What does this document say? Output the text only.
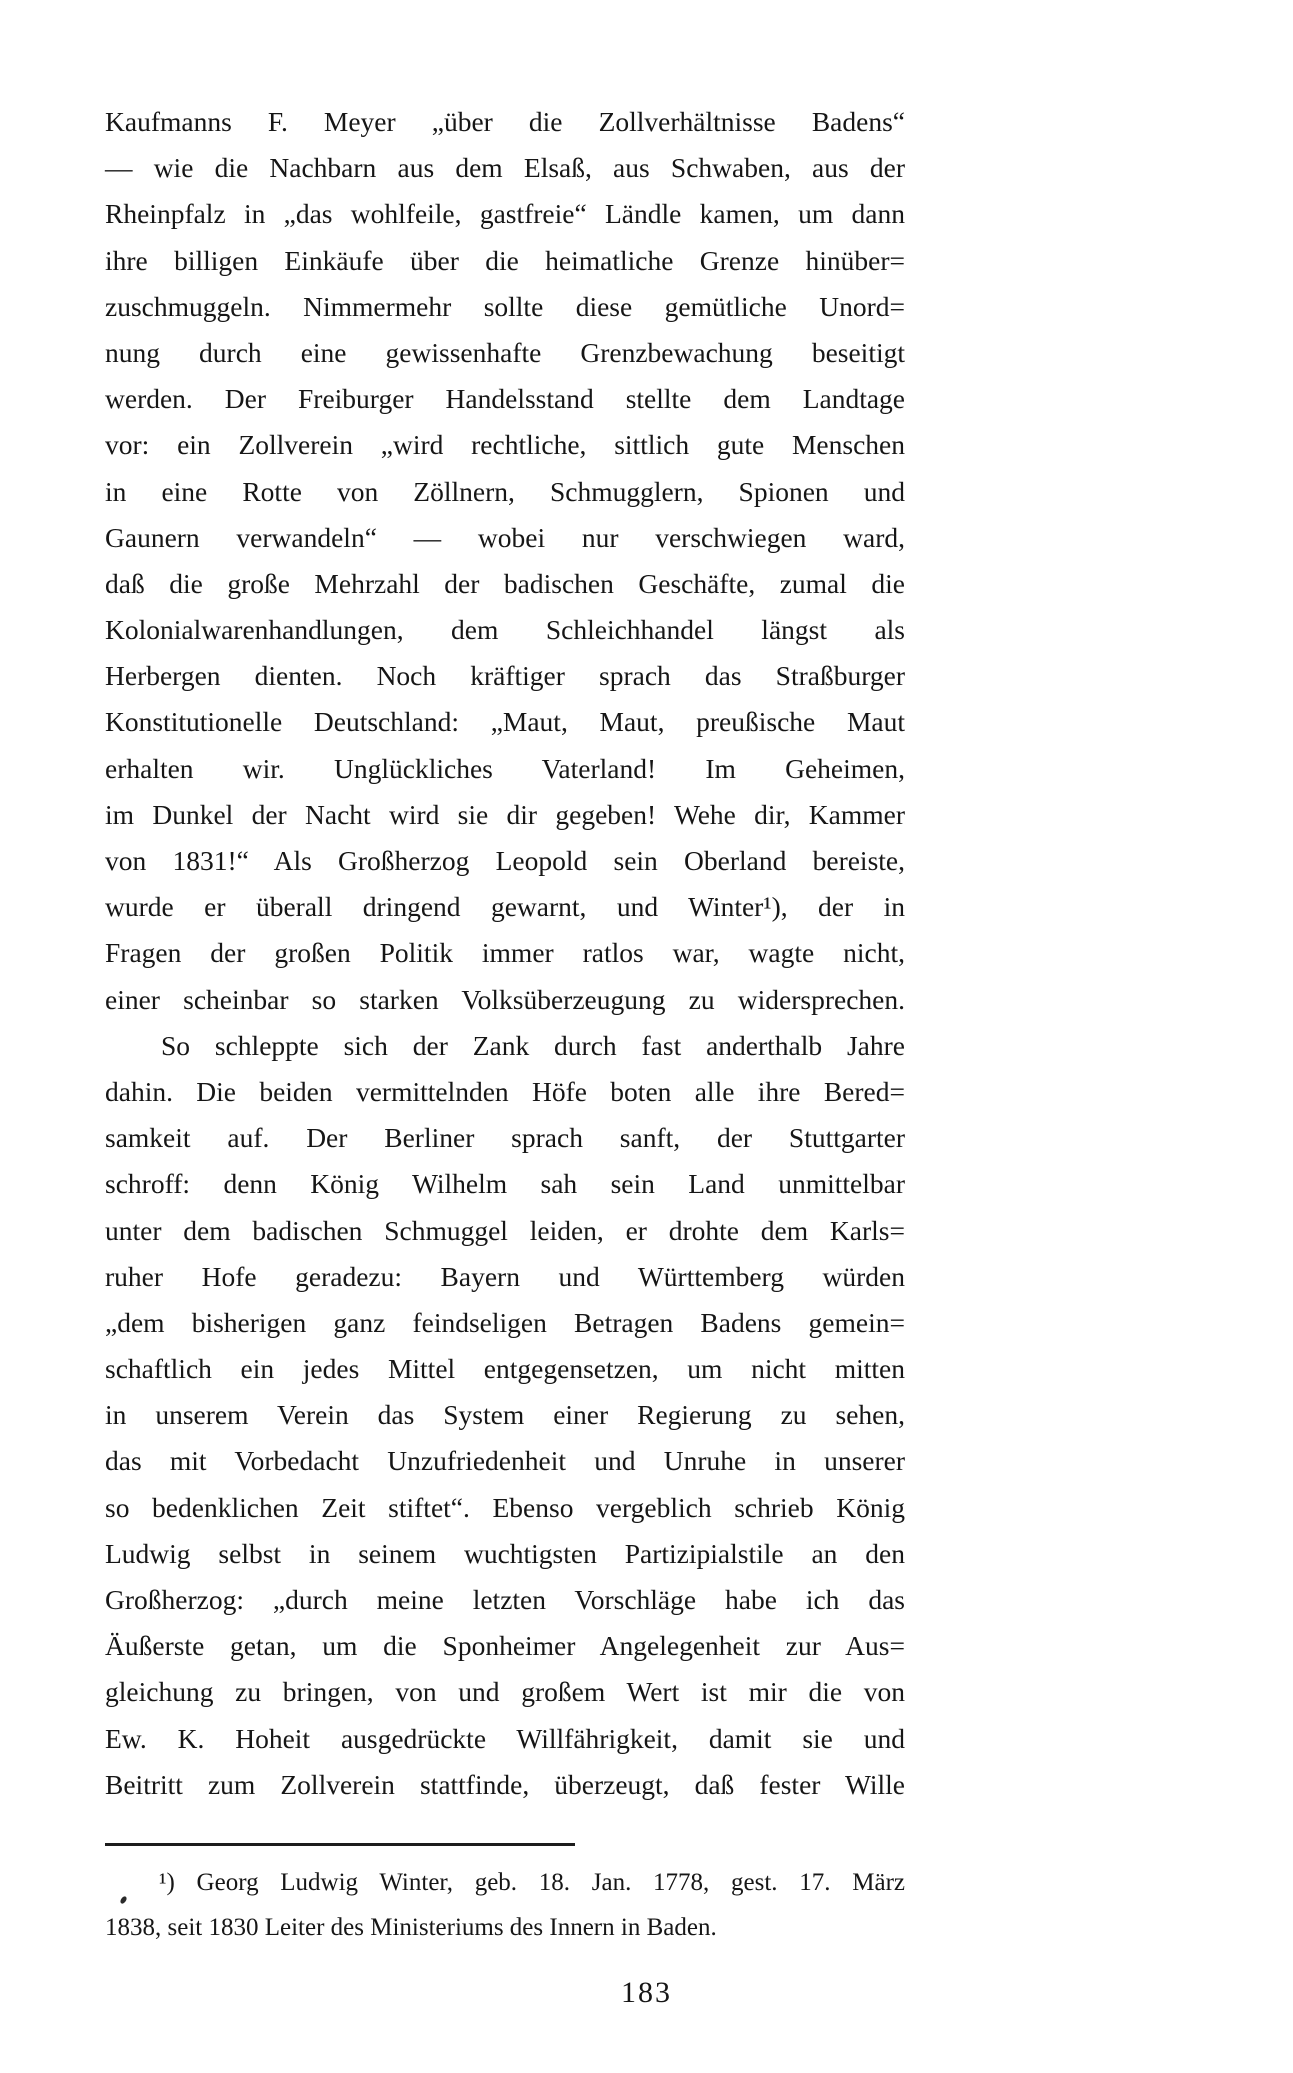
Kaufmanns F. Meyer „über die Zollverhältnisse Badens“
— wie die Nachbarn aus dem Elsaß, aus Schwaben, aus der
Rheinpfalz in „das wohlfeile, gastfreie“ Ländle kamen, um dann
ihre billigen Einkäufe über die heimatliche Grenze hinüber=
zuschmuggeln. Nimmermehr sollte diese gemütliche Unord=
nung durch eine gewissenhafte Grenzbewachung beseitigt
werden. Der Freiburger Handelsstand stellte dem Landtage
vor: ein Zollverein „wird rechtliche, sittlich gute Menschen
in eine Rotte von Zöllnern, Schmugglern, Spionen und
Gaunern verwandeln“ — wobei nur verschwiegen ward,
daß die große Mehrzahl der badischen Geschäfte, zumal die
Kolonialwarenhandlungen, dem Schleichhandel längst als
Herbergen dienten. Noch kräftiger sprach das Straßburger
Konstitutionelle Deutschland: „Maut, Maut, preußische Maut
erhalten wir. Unglückliches Vaterland! Im Geheimen,
im Dunkel der Nacht wird sie dir gegeben! Wehe dir, Kammer
von 1831!“ Als Großherzog Leopold sein Oberland bereiste,
wurde er überall dringend gewarnt, und Winter¹), der in
Fragen der großen Politik immer ratlos war, wagte nicht,
einer scheinbar so starken Volksüberzeugung zu widersprechen.
So schleppte sich der Zank durch fast anderthalb Jahre
dahin. Die beiden vermittelnden Höfe boten alle ihre Bered=
samkeit auf. Der Berliner sprach sanft, der Stuttgarter
schroff: denn König Wilhelm sah sein Land unmittelbar
unter dem badischen Schmuggel leiden, er drohte dem Karls=
ruher Hofe geradezu: Bayern und Württemberg würden
„dem bisherigen ganz feindseligen Betragen Badens gemein=
schaftlich ein jedes Mittel entgegensetzen, um nicht mitten
in unserem Verein das System einer Regierung zu sehen,
das mit Vorbedacht Unzufriedenheit und Unruhe in unserer
so bedenklichen Zeit stiftet“. Ebenso vergeblich schrieb König
Ludwig selbst in seinem wuchtigsten Partizipialstile an den
Großherzog: „durch meine letzten Vorschläge habe ich das
Äußerste getan, um die Sponheimer Angelegenheit zur Aus=
gleichung zu bringen, von und großem Wert ist mir die von
Ew. K. Hoheit ausgedrückte Willfährigkeit, damit sie und
Beitritt zum Zollverein stattfinde, überzeugt, daß fester Wille
¹) Georg Ludwig Winter, geb. 18. Jan. 1778, gest. 17. März
1838, seit 1830 Leiter des Ministeriums des Innern in Baden.
183
